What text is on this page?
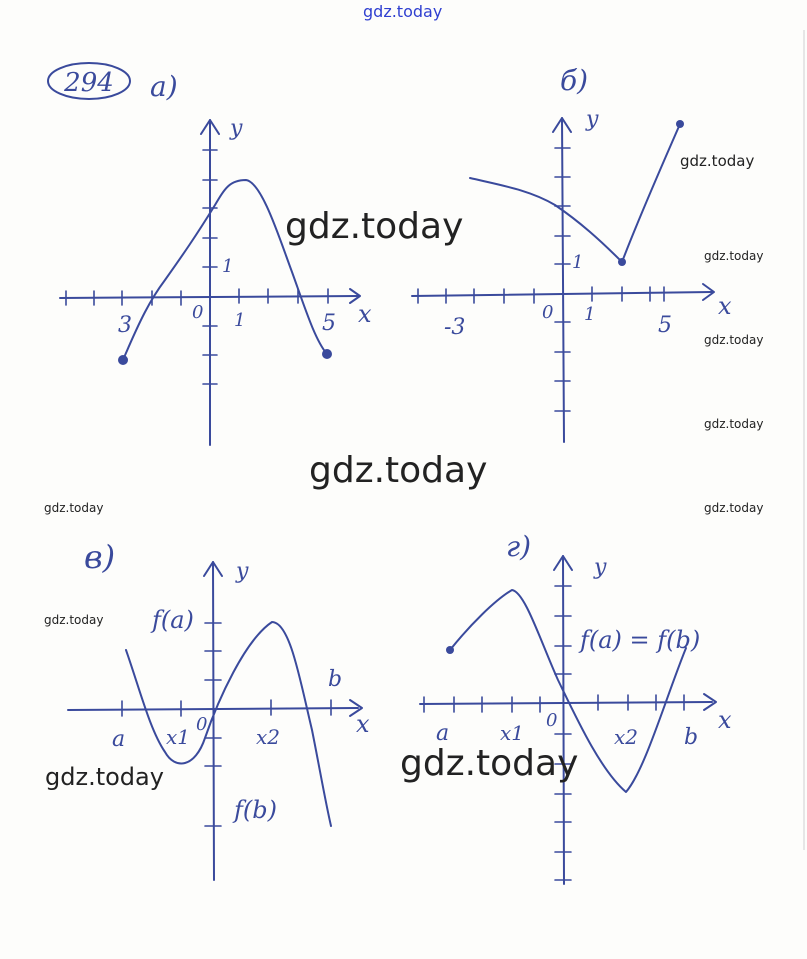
294 а)
y
x
0
3
1
1	5
б)
y
x
0
-3
1
1	5
в)	y
x
0
f(a)
f(b)
a x1	x2
b
г)
y
x
0
f(a) = f(b)
a	x1	x2 b
gdz.today
gdz.today
gdz.today
gdz.today
gdz.today
gdz.today
gdz.today
gdz.today
gdz.today
gdz.today
gdz.today
gdz.today
